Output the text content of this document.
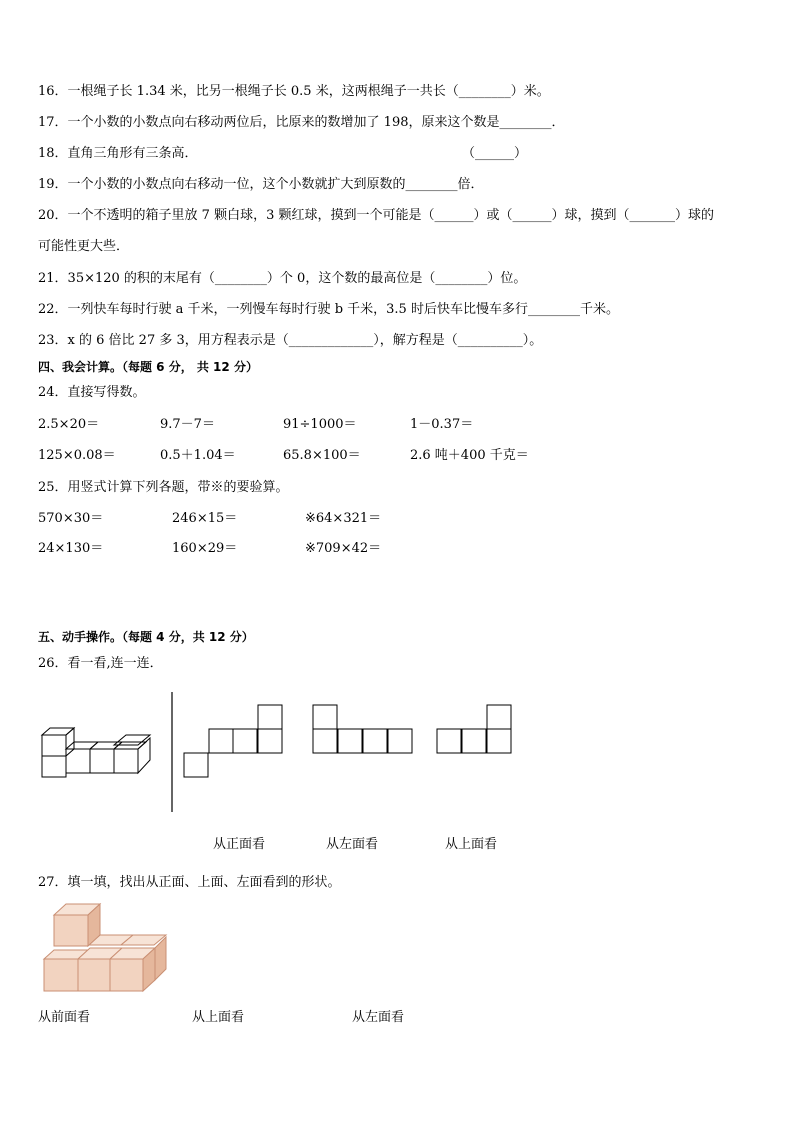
16．一根绳子长 1.34 米，比另一根绳子长 0.5 米，这两根绳子一共长（________）米。
17．一个小数的小数点向右移动两位后，比原来的数增加了 198，原来这个数是________．
18．直角三角形有三条高．	（______）
19．一个小数的小数点向右移动一位，这个小数就扩大到原数的________倍．
20．一个不透明的箱子里放 7 颗白球，3 颗红球，摸到一个可能是（______）或（______）球，摸到（_______）球的
可能性更大些．
21．35×120 的积的末尾有（________）个 0，这个数的最高位是（________）位。
22．一列快车每时行驶 a 千米，一列慢车每时行驶 b 千米，3.5 时后快车比慢车多行________千米。
23．x 的 6 倍比 27 多 3，用方程表示是（_____________），解方程是（__________）。
四、我会计算。（每题 6 分， 共 12 分）
24．直接写得数。
2.5×20＝	9.7－7＝	91÷1000＝	1－0.37＝
125×0.08＝	0.5＋1.04＝	65.8×100＝	2.6 吨＋400 千克＝
25．用竖式计算下列各题，带※的要验算。
570×30＝	246×15＝	※64×321＝
24×130＝	160×29＝	※709×42＝
五、动手操作。（每题 4 分，共 12 分）
26．看一看,连一连．
从正面看	从左面看	从上面看
27．填一填，找出从正面、上面、左面看到的形状。
从前面看	从上面看	从左面看
